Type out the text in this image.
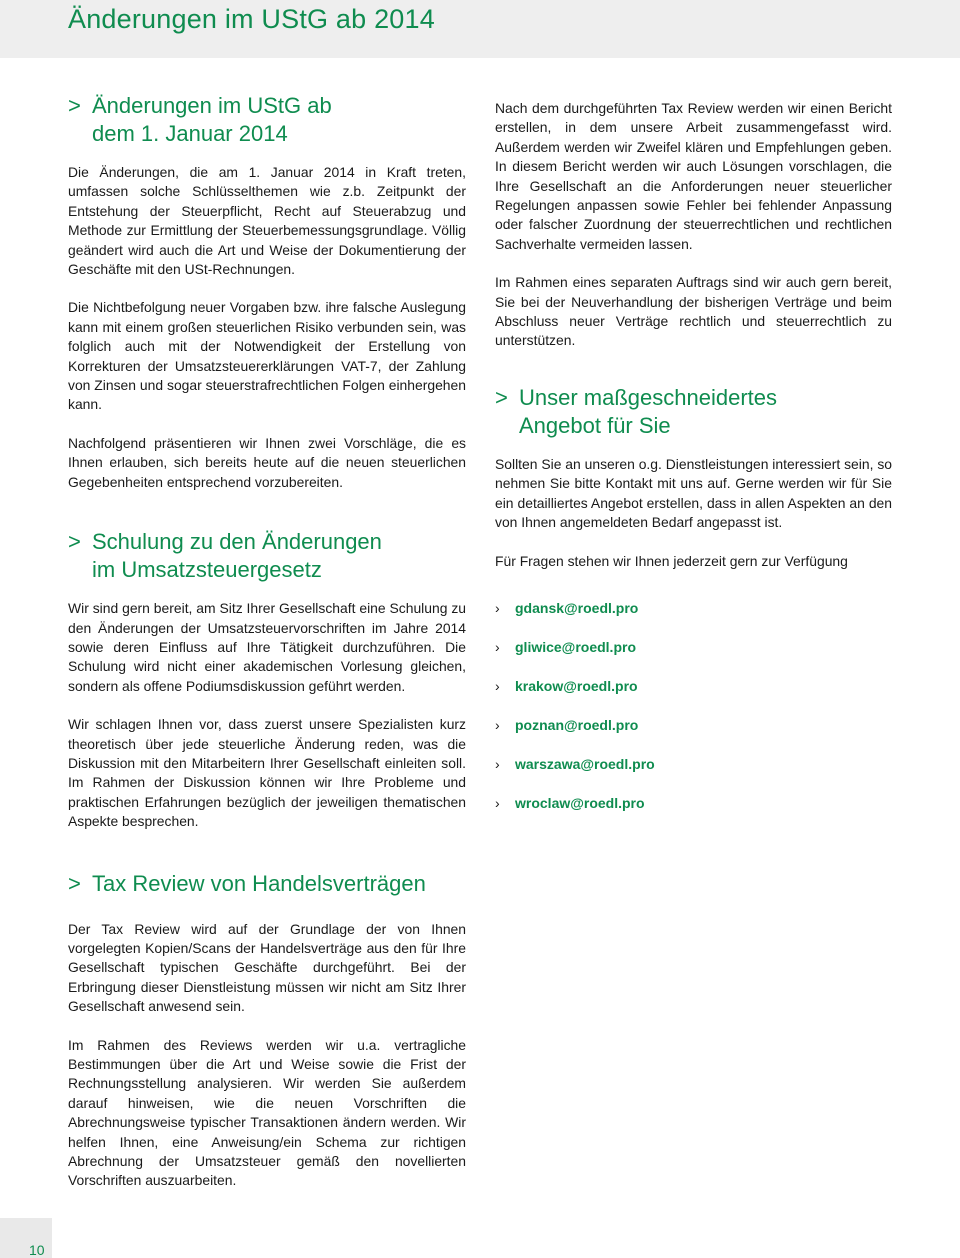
Änderungen im UStG ab 2014
> Änderungen im UStG ab
dem 1. Januar 2014

Die Änderungen, die am 1. Januar 2014 in Kraft treten, umfassen solche Schlüsselthemen wie z.b. Zeitpunkt der Entstehung der Steuerpflicht, Recht auf Steuerabzug und Methode zur Ermittlung der Steuerbemessungsgrundlage. Völlig geändert wird auch die Art und Weise der Dokumentierung der Geschäfte mit den USt-Rechnungen.

Die Nichtbefolgung neuer Vorgaben bzw. ihre falsche Auslegung kann mit einem großen steuerlichen Risiko verbunden sein, was folglich auch mit der Notwendigkeit der Erstellung von Korrekturen der Umsatzsteuererklärungen VAT-7, der Zahlung von Zinsen und sogar steuerstrafrechtlichen Folgen einhergehen kann.

Nachfolgend präsentieren wir Ihnen zwei Vorschläge, die es Ihnen erlauben, sich bereits heute auf die neuen steuerlichen Gegebenheiten entsprechend vorzubereiten.

> Schulung zu den Änderungen
im Umsatzsteuergesetz

Wir sind gern bereit, am Sitz Ihrer Gesellschaft eine Schulung zu den Änderungen der Umsatzsteuervorschriften im Jahre 2014 sowie deren Einfluss auf Ihre Tätigkeit durchzuführen. Die Schulung wird nicht einer akademischen Vorlesung gleichen, sondern als offene Podiumsdiskussion geführt werden.

Wir schlagen Ihnen vor, dass zuerst unsere Spezialisten kurz theoretisch über jede steuerliche Änderung reden, was die Diskussion mit den Mitarbeitern Ihrer Gesellschaft einleiten soll. Im Rahmen der Diskussion können wir Ihre Probleme und praktischen Erfahrungen bezüglich der jeweiligen thematischen Aspekte besprechen.

> Tax Review von Handelsverträgen

Der Tax Review wird auf der Grundlage der von Ihnen vorgelegten Kopien/Scans der Handelsverträge aus den für Ihre Gesellschaft typischen Geschäfte durchgeführt. Bei der Erbringung dieser Dienstleistung müssen wir nicht am Sitz Ihrer Gesellschaft anwesend sein.

Im Rahmen des Reviews werden wir u.a. vertragliche Bestimmungen über die Art und Weise sowie die Frist der Rechnungsstellung analysieren. Wir werden Sie außerdem darauf hinweisen, wie die neuen Vorschriften die Abrechnungsweise typischer Transaktionen ändern werden. Wir helfen Ihnen, eine Anweisung/ein Schema zur richtigen Abrechnung der Umsatzsteuer gemäß den novellierten Vorschriften auszuarbeiten.

Nach dem durchgeführten Tax Review werden wir einen Bericht erstellen, in dem unsere Arbeit zusammengefasst wird. Außerdem werden wir Zweifel klären und Empfehlungen geben. In diesem Bericht werden wir auch Lösungen vorschlagen, die Ihre Gesellschaft an die Anforderungen neuer steuerlicher Regelungen anpassen sowie Fehler bei fehlender Anpassung oder falscher Zuordnung der steuerrechtlichen und rechtlichen Sachverhalte vermeiden lassen.

Im Rahmen eines separaten Auftrags sind wir auch gern bereit, Sie bei der Neuverhandlung der bisherigen Verträge und beim Abschluss neuer Verträge rechtlich und steuerrechtlich zu unterstützen.

> Unser maßgeschneidertes
Angebot für Sie

Sollten Sie an unseren o.g. Dienstleistungen interessiert sein, so nehmen Sie bitte Kontakt mit uns auf. Gerne werden wir für Sie ein detailliertes Angebot erstellen, dass in allen Aspekten an den von Ihnen angemeldeten Bedarf angepasst ist.

Für Fragen stehen wir Ihnen jederzeit gern zur Verfügung

›	gdansk@roedl.pro
›	gliwice@roedl.pro
›	krakow@roedl.pro
›	poznan@roedl.pro
›	warszawa@roedl.pro
›	wroclaw@roedl.pro
10
